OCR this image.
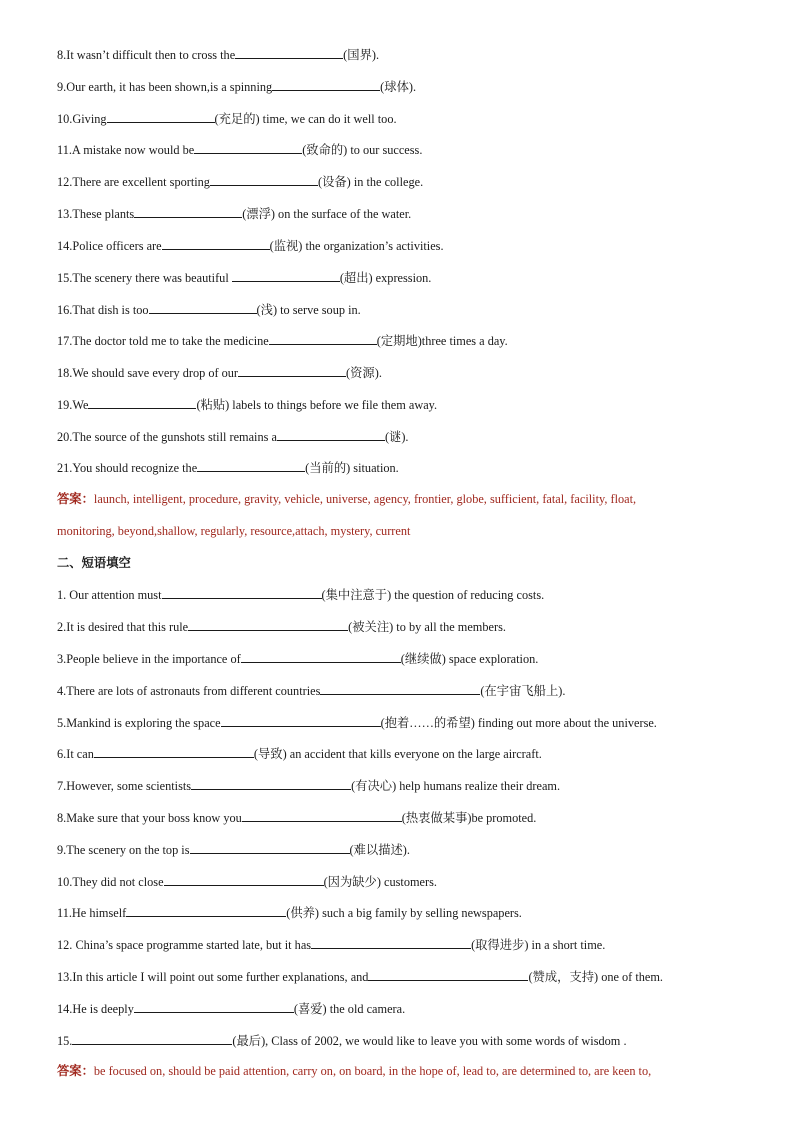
8.It wasn’t difficult then to cross the	(国界).
9.Our earth, it has been shown,is a spinning	(球体).
10.Giving	(充足的) time, we can do it well too.
11.A mistake now would be	(致命的) to our success.
12.There are excellent sporting	(设备) in the college.
13.These plants	(漂浮) on the surface of the water.
14.Police officers are	(监视) the organization’s activities.
15.The scenery there was beautiful	(超出) expression.
16.That dish is too	(浅) to serve soup in.
17.The doctor told me to take the medicine	(定期地)three times a day.
18.We should save every drop of our	(资源).
19.We	(粘贴) labels to things before we file them away.
20.The source of the gunshots still remains a	(谜).
21.You should recognize the	(当前的) situation.
答案：launch, intelligent, procedure, gravity, vehicle, universe, agency, frontier, globe, sufficient, fatal, facility, float,
monitoring, beyond,shallow, regularly, resource,attach, mystery, current
二、短语填空
1. Our attention must	(集中注意于) the question of reducing costs.
2.It is desired that this rule	(被关注) to by all the members.
3.People believe in the importance of	(继续做) space exploration.
4.There are lots of astronauts from different countries	(在宇宙飞船上).
5.Mankind is exploring the space	(抱着……的希望) finding out more about the universe.
6.It can	(导致) an accident that kills everyone on the large aircraft.
7.However, some scientists	(有决心) help humans realize their dream.
8.Make sure that your boss know you	(热衷做某事)be promoted.
9.The scenery on the top is	(难以描述).
10.They did not close	(因为缺少) customers.
11.He himself	(供养) such a big family by selling newspapers.
12. China’s space programme started late, but it has	(取得进步) in a short time.
13.In this article I will point out some further explanations, and	(赞成，支持) one of them.
14.He is deeply	(喜爱) the old camera.
15.	(最后), Class of 2002, we would like to leave you with some words of wisdom .
答案：be focused on, should be paid attention, carry on, on board, in the hope of, lead to, are determined to, are keen to,
